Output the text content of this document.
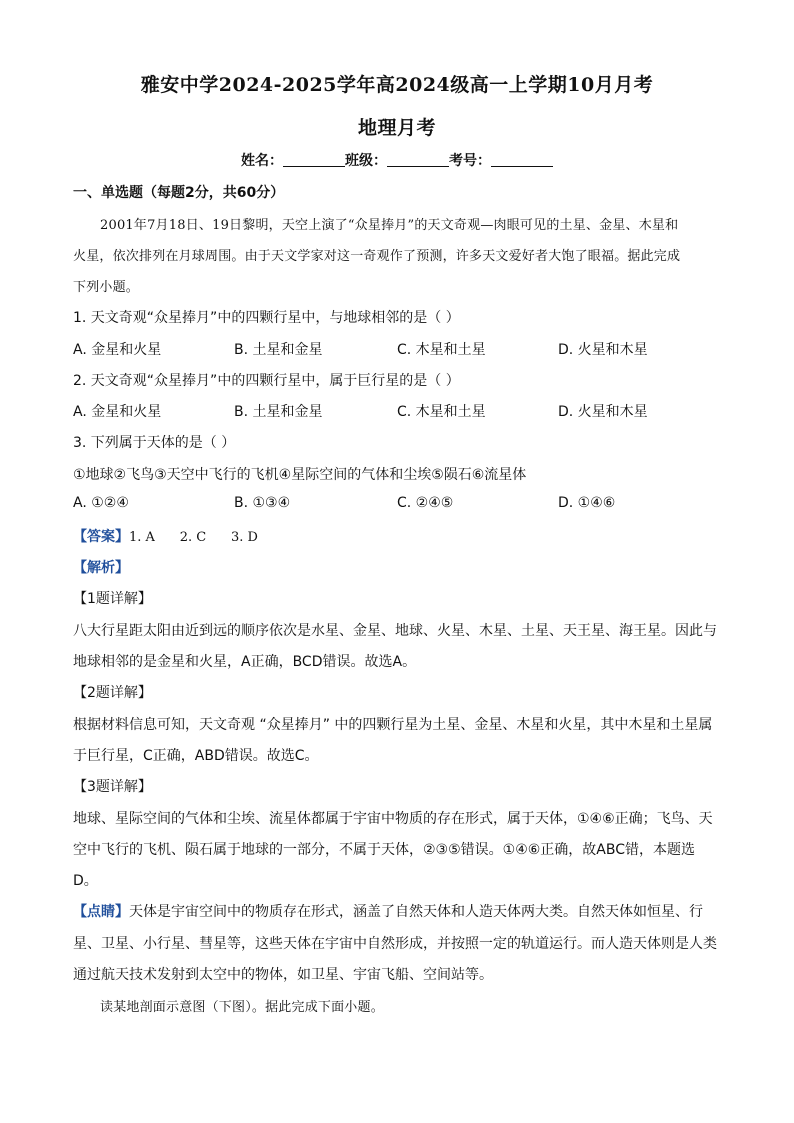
雅安中学2024-2025学年高2024级高一上学期10月月考
地理月考
姓名：	班级：	考号：
一、单选题（每题2分，共60分）
2001年7月18日、19日黎明，天空上演了“众星捧月”的天文奇观—肉眼可见的土星、金星、木星和
火星，依次排列在月球周围。由于天文学家对这一奇观作了预测，许多天文爱好者大饱了眼福。据此完成
下列小题。
1. 天文奇观“众星捧月”中的四颗行星中，与地球相邻的是（ ）
A. 金星和火星	B. 土星和金星	C. 木星和土星	D. 火星和木星
2. 天文奇观“众星捧月”中的四颗行星中，属于巨行星的是（ ）
A. 金星和火星	B. 土星和金星	C. 木星和土星	D. 火星和木星
3. 下列属于天体的是（ ）
①地球②飞鸟③天空中飞行的飞机④星际空间的气体和尘埃⑤陨石⑥流星体
A. ①②④	B. ①③④	C. ②④⑤	D. ①④⑥
【答案】1. A      2. C      3. D
【解析】
【1题详解】
八大行星距太阳由近到远的顺序依次是水星、金星、地球、火星、木星、土星、天王星、海王星。因此与
地球相邻的是金星和火星，A正确，BCD错误。故选A。
【2题详解】
根据材料信息可知，天文奇观 “众星捧月” 中的四颗行星为土星、金星、木星和火星，其中木星和土星属
于巨行星，C正确，ABD错误。故选C。
【3题详解】
地球、星际空间的气体和尘埃、流星体都属于宇宙中物质的存在形式，属于天体，①④⑥正确；飞鸟、天
空中飞行的飞机、陨石属于地球的一部分，不属于天体，②③⑤错误。①④⑥正确，故ABC错，本题选
D。
【点睛】天体是宇宙空间中的物质存在形式，涵盖了自然天体和人造天体两大类。自然天体如恒星、行
星、卫星、小行星、彗星等，这些天体在宇宙中自然形成，并按照一定的轨道运行。而人造天体则是人类
通过航天技术发射到太空中的物体，如卫星、宇宙飞船、空间站等。
读某地剖面示意图（下图）。据此完成下面小题。
